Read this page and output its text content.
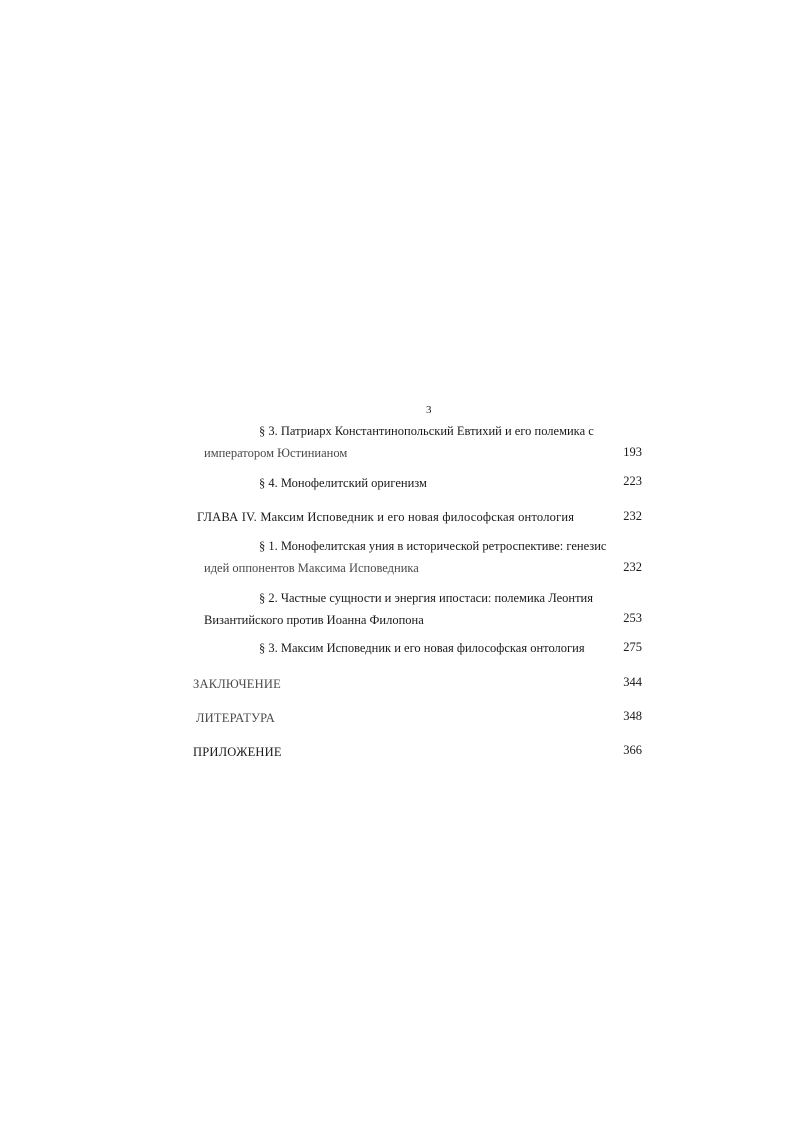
3
§ 3. Патриарх Константинопольский Евтихий и его полемика с
императором Юстинианом	193
§ 4. Монофелитский оригенизм	223
ГЛАВА IV. Максим Исповедник и его новая философская онтология	232
§ 1. Монофелитская уния в исторической ретроспективе: генезис
идей оппонентов Максима Исповедника	232
§ 2. Частные сущности и энергия ипостаси: полемика Леонтия
Византийского против Иоанна Филопона	253
§ 3. Максим Исповедник и его новая философская онтология	275
ЗАКЛЮЧЕНИЕ	344
ЛИТЕРАТУРА	348
ПРИЛОЖЕНИЕ	366
